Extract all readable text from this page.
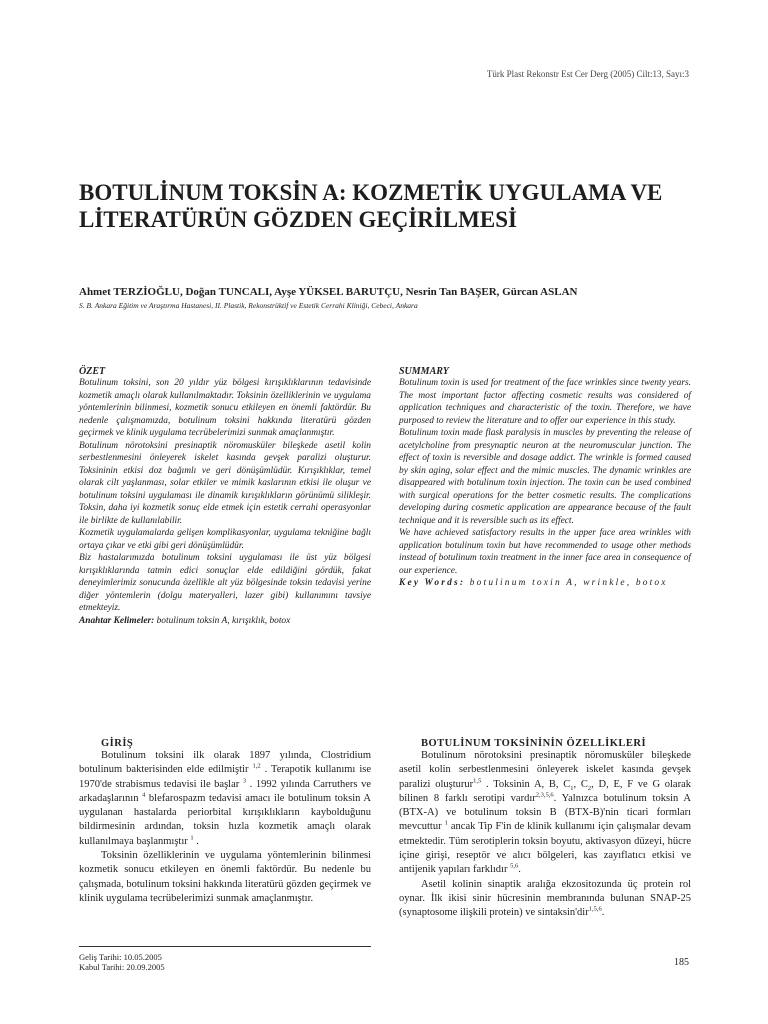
Türk Plast Rekonstr Est Cer Derg (2005) Cilt:13, Sayı:3
BOTULİNUM TOKSİN A: KOZMETİK UYGULAMA VE
LİTERATÜRÜN GÖZDEN GEÇİRİLMESİ
Ahmet TERZİOĞLU, Doğan TUNCALI, Ayşe YÜKSEL BARUTÇU, Nesrin Tan BAŞER, Gürcan ASLAN
S. B. Ankara Eğitim ve Araştırma Hastanesi, II. Plastik, Rekonstrüktif ve Estetik Cerrahi Kliniği, Cebeci, Ankara
ÖZET

Botulinum toksini, son 20 yıldır yüz bölgesi kırışıklıklarının tedavisinde kozmetik amaçlı olarak kullanılmaktadır. Toksinin özelliklerinin ve uygulama yöntemlerinin bilinmesi, kozmetik sonucu etkileyen en önemli faktördür. Bu nedenle çalışmamızda, botulinum toksini hakkında literatürü gözden geçirmek ve klinik uygulama tecrübelerimizi sunmak amaçlanmıştır.

Botulinum nörotoksini presinaptik nöromusküler bileşkede asetil kolin serbestlenmesini önleyerek iskelet kasında gevşek paralizi oluşturur. Toksininin etkisi doz bağımlı ve geri dönüşümlüdür. Kırışıklıklar, temel olarak cilt yaşlanması, solar etkiler ve mimik kaslarının etkisi ile oluşur ve botulinum toksini uygulaması ile dinamik kırışıklıkların görünümü silikleşir. Toksin, daha iyi kozmetik sonuç elde etmek için estetik cerrahi operasyonlar ile birlikte de kullanılabilir.

Kozmetik uygulamalarda gelişen komplikasyonlar, uygulama tekniğine bağlı ortaya çıkar ve etki gibi geri dönüşümlüdür.

Biz hastalarımızda botulinum toksini uygulaması ile üst yüz bölgesi kırışıklıklarında tatmin edici sonuçlar elde edildiğini gördük, fakat deneyimlerimiz sonucunda özellikle alt yüz bölgesinde toksin tedavisi yerine diğer yöntemlerin (dolgu materyalleri, lazer gibi) kullanımını tavsiye etmekteyiz.

Anahtar Kelimeler: botulinum toksin A, kırışıklık, botox

SUMMARY

Botulinum toxin is used for treatment of the face wrinkles since twenty years. The most important factor affecting cosmetic results was considered of application techniques and characteristic of the toxin. Therefore, we have purposed to review the literature and to offer our experience in this study.

Botulinum toxin made flask paralysis in muscles by preventing the release of acetylcholine from presynaptic neuron at the neuromuscular junction. The effect of toxin is reversible and dosage addict. The wrinkle is formed caused by skin aging, solar effect and the mimic muscles. The dynamic wrinkles are disappeared with botulinum toxin injection. The toxin can be used combined with surgical operations for the better cosmetic results. The complications developing during cosmetic application are appearance because of the fault technique and it is reversible such as its effect.

We have achieved satisfactory results in the upper face area wrinkles with application botulinum toxin but have recommended to usage other methods instead of botulinum toxin treatment in the inner face area in consequence of our experience.

Key Words: botulinum toxin A, wrinkle, botox

GİRİŞ

Botulinum toksini ilk olarak 1897 yılında, Clostridium botulinum bakterisinden elde edilmiştir $^{1,2}$ . Terapotik kullanımı ise 1970'de strabismus tedavisi ile başlar $^3$ . 1992 yılında Carruthers ve arkadaşlarının $^4$ blefarospazm tedavisi amacı ile botulinum toksin A uygulanan hastalarda periorbital kırışıklıkların kaybolduğunu bildirmesinin ardından, toksin hızla kozmetik amaçlı olarak kullanılmaya başlanmıştır $^1$ .

Toksinin özelliklerinin ve uygulama yöntemlerinin bilinmesi kozmetik sonucu etkileyen en önemli faktördür. Bu nedenle bu çalışmada, botulinum toksini hakkında literatürü gözden geçirmek ve klinik uygulama tecrübelerimizi sunmak amaçlanmıştır.

BOTULİNUM TOKSİNİNİN ÖZELLİKLERİ

Botulinum nörotoksini presinaptik nöromusküler bileşkede asetil kolin serbestlenmesini önleyerek iskelet kasında gevşek paralizi oluşturur$^{1,5}$ . Toksinin A, B, $C_1$, $C_2$, D, E, F ve G olarak bilinen 8 farklı serotipi vardır$^{2,3,5,6}$. Yalnızca botulinum toksin A (BTX-A) ve botulinum toksin B (BTX-B)'nin ticari formları mevcuttur $^1$ ancak Tip F'in de klinik kullanımı için çalışmalar devam etmektedir. Tüm serotiplerin toksin boyutu, aktivasyon düzeyi, hücre içine girişi, reseptör ve alıcı bölgeleri, kas zayıflatıcı etkisi ve antijenik yapıları farklıdır $^{5,6}$.

Asetil kolinin sinaptik aralığa ekzositozunda üç protein rol oynar. İlk ikisi sinir hücresinin membranında bulunan SNAP-25 (synaptosome ilişkili protein) ve sintaksin'dir$^{1,5,6}$.

Geliş Tarihi: 10.05.2005
Kabul Tarihi: 20.09.2005	185
